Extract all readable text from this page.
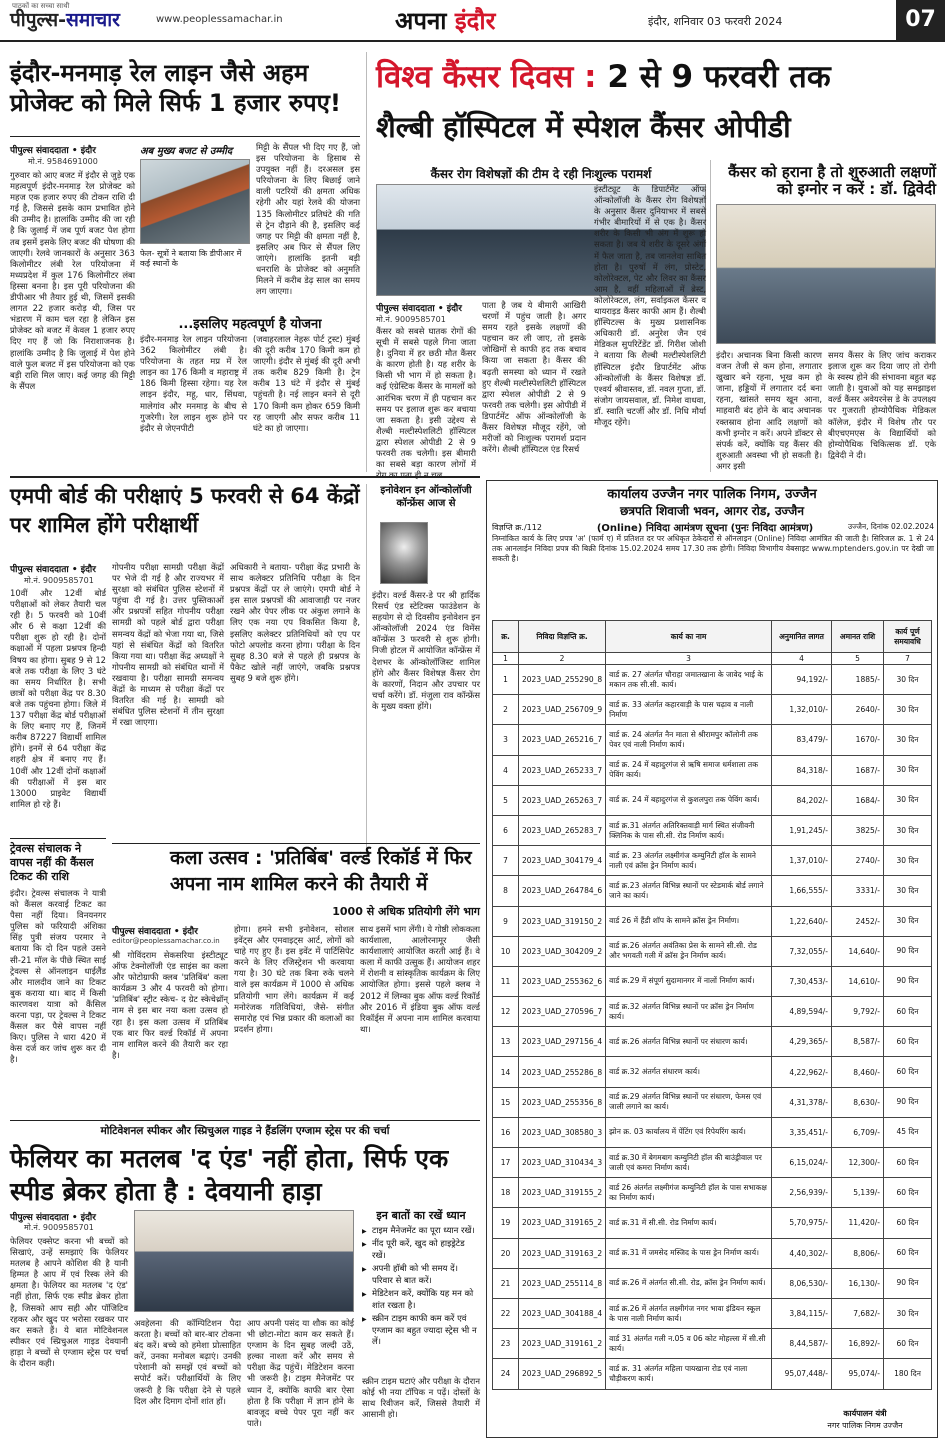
पाठकों का सच्चा साथी
पीपुल्स-समाचार	www.peoplessamachar.in	अपना इंदौर	इंदौर, शनिवार 03 फरवरी 2024	07
इंदौर-मनमाड़ रेल लाइन जैसे अहम प्रोजेक्ट को मिले सिर्फ 1 हजार रुपए!
पीपुल्स संवाददाता • इंदौर
मो.नं. 9584691000
अब मुख्य बजट से उम्मीद
फेल- सूत्रों ने बताया कि डीपीआर में कई स्थानों के
गुरुवार को आए बजट में इंदौर से जुड़े एक महत्वपूर्ण इंदौर-मनमाड़ रेल प्रोजेक्ट को महज एक हजार रुपए की टोकन राशि दी गई है, जिससे इसके काम प्रभावित होने की उम्मीद है। हालांकि उम्मीद की जा रही है कि जुलाई में जब पूर्ण बजट पेश होगा तब इसमें इसके लिए बजट की घोषणा की जाएगी। रेलवे जानकारों के अनुसार 363 किलोमीटर लंबी रेल परियोजना में मध्यप्रदेश में कुल 176 किलोमीटर लंबा हिस्सा बनना है। इस पूरी परियोजना की डीपीआर भी तैयार हुई थी, जिसमें इसकी लागत 22 हजार करोड़ थी, जिस पर भंडारण में काम चल रहा है लेकिन इस प्रोजेक्ट को बजट में केवल 1 हजार रुपए दिए गए हैं जो कि निराशाजनक है। हालांकि उम्मीद है कि जुलाई में पेश होने वाले फुल बजट में इस परियोजना को एक बड़ी राशि मिल जाए। कई जगह की मिट्टी के सैंपल
मिट्टी के सैंपल भी दिए गए हैं, जो इस परियोजना के हिसाब से उपयुक्त नहीं हैं। दरअसल इस परियोजना के लिए बिछाई जाने वाली पटरियों की क्षमता अधिक रहेगी और यहां रेलवे की योजना 135 किलोमीटर प्रतिघंटे की गति से ट्रेन दौड़ाने की है, इसलिए कई जगह पर मिट्टी की क्षमता नहीं है, इसलिए अब फिर से सैंपल लिए जाएंगे। हालांकि इतनी बड़ी धनराशि के प्रोजेक्ट को अनुमति मिलने में करीब डेढ़ साल का समय लग जाएगा।
...इसलिए महत्वपूर्ण है योजना
इंदौर-मनमाड़ रेल लाइन परियोजना 362 किलोमीटर लंबी है। परियोजना के तहत मप्र में रेल लाइन का 176 किमी व महाराष्ट्र में 186 किमी हिस्सा रहेगा। यह रेल लाइन इंदौर, महू, धार, सिंधवा, मालेगांव और मनमाड़ के बीच से गुजरेगी। रेल लाइन शुरू होने पर इंदौर से जेएनपीटी
(जवाहरलाल नेहरू पोर्ट ट्रस्ट) मुंबई की दूरी करीब 170 किमी कम हो जाएगी। इंदौर से मुंबई की दूरी अभी तक करीब 829 किमी है। ट्रेन करीब 13 घंटे में इंदौर से मुंबई पहुंचती है। नई लाइन बनने से दूरी 170 किमी कम होकर 659 किमी रह जाएगी और सफर करीब 11 घंटे का हो जाएगा।
विश्व कैंसर दिवस : 2 से 9 फरवरी तक
शैल्बी हॉस्पिटल में स्पेशल कैंसर ओपीडी
कैंसर रोग विशेषज्ञों की टीम दे रही निःशुल्क परामर्श
पीपुल्स संवाददाता • इंदौर
मो.नं. 9009585701
कैंसर को सबसे घातक रोगों की सूची में सबसे पहले गिना जाता है। दुनिया में हर छठी मौत कैंसर के कारण होती है। यह शरीर के किसी भी भाग में हो सकता है। कई एंग्रेस्टिक कैंसर के मामलों को आरंभिक चरण में ही पहचान कर समय पर इलाज शुरू कर बचाया जा सकता है। इसी उद्देश्य से शैल्बी मल्टीस्पेशलिटी हॉस्पिटल द्वारा स्पेशल ओपीडी 2 से 9 फरवरी तक चलेगी। इस बीमारी का सबसे बड़ा कारण लोगों में
पाता है जब ये बीमारी आखिरी चरणों में पहुंच जाती है। अगर समय रहते इसके लक्षणों की पहचान कर ली जाए, तो इसके जोखिमों से काफी हद तक बचाव किया जा सकता है। कैंसर की बढ़ती समस्या को ध्यान में रखते हुए शैल्बी मल्टीस्पेशलिटी हॉस्पिटल द्वारा स्पेशल ओपीडी 2 से 9 फरवरी तक चलेगी। इस ओपीडी में डिपार्टमेंट ऑफ ऑन्कोलॉजी के कैंसर विशेषज्ञ मौजूद रहेंगे, जो मरीजों को निःशुल्क परामर्श प्रदान करेंगे। शैल्बी हॉस्पिटल एंड रिसर्च
इंस्टीट्यूट के डिपार्टमेंट ऑफ ऑन्कोलॉजी के कैंसर रोग विशेषज्ञों के अनुसार कैंसर दुनियाभर में सबसे गंभीर बीमारियों में से एक है। कैंसर शरीर के किसी भी अंग में शुरू हो सकता है। जब ये शरीर के दूसरे अंगों में फैल जाता है, तब जानलेवा साबित होता है। पुरुषों में लंग, प्रोस्टेट, कोलोरेक्टल, पेट और लिवर का कैंसर आम है, वहीं महिलाओं में ब्रेस्ट, कोलोरेक्टल, लंग, सर्वाइकल कैंसर व थायराइड कैंसर काफी आम हैं। शैल्बी हॉस्पिटल्स के मुख्य प्रशासनिक अधिकारी डॉ. अनुरेश जैन एवं मेडिकल सुपरिटेंडेंट डॉ. गिरीश जोशी ने बताया कि शैल्बी मल्टीस्पेशलिटी हॉस्पिटल इंदौर डिपार्टमेंट ऑफ ऑन्कोलॉजी के कैंसर विशेषज्ञ डॉ. एश्वर्य श्रीवास्तव, डॉ. नवल गुप्ता, डॉ. संजोग जायसवाल, डॉ. निमेश वाधवा, डॉ. स्वाति चटर्जी और डॉ. निधि मौर्या मौजूद रहेंगे।
कैंसर को हराना है तो शुरुआती लक्षणों को इग्नोर न करें : डॉ. द्विवेदी
इंदौर। अचानक बिना किसी कारण वजन तेजी से कम होना, लगातार खुखार बने रहना, भूख कम हो जाना, हड्डियों में लगातार दर्द बना रहना, खांसते समय खून आना, माहवारी बंद होने के बाद अचानक रक्तस्राव होना आदि लक्षणों को कभी इग्नोर न करें। अपने डॉक्टर से संपर्क करें, क्योंकि यह कैंसर की शुरुआती अवस्था भी हो सकती है। अगर इसी
समय कैंसर के लिए जांच कराकर इलाज शुरू कर दिया जाए तो रोगी के स्वस्थ होने की संभावना बहुत बढ़ जाती है। युवाओं को यह समझाइश वर्ल्ड कैंसर अवेयरनेस डे के उपलक्ष्य पर गुजराती होम्योपैथिक मेडिकल कॉलेज, इंदौर में विशेष तौर पर बीएचएमएस के विद्यार्थियों को होम्योपैथिक चिकित्सक डॉ. एके द्विवेदी ने दी।
एमपी बोर्ड की परीक्षाएं 5 फरवरी से 64 केंद्रों पर शामिल होंगे परीक्षार्थी
पीपुल्स संवाददाता • इंदौर
मो.नं. 9009585701
10वीं और 12वीं बोर्ड परीक्षाओं को लेकर तैयारी चल रही है। 5 फरवरी को 10वीं और 6 से कक्षा 12वीं की परीक्षा शुरू हो रही है। दोनों कक्षाओं में पहला प्रश्नपत्र हिन्दी विषय का होगा। सुबह 9 से 12 बजे तक परीक्षा के लिए 3 घंटे का समय निर्धारित है। सभी छात्रों को परीक्षा केंद्र पर 8.30 बजे तक पहुंचना होगा। जिले में 137 परीक्षा केंद्र बोर्ड परीक्षाओं के लिए बनाए गए हैं, जिनमें करीब 87227 विद्यार्थी शामिल होंगे। इनमें से 64 परीक्षा केंद्र शहरी क्षेत्र में बनाए गए हैं। 10वीं और 12वीं दोनों कक्षाओं की परीक्षाओं में इस बार 13000 प्राइवेट विद्यार्थी शामिल हो रहे हैं।
गोपनीय परीक्षा सामग्री परीक्षा केंद्रों पर भेजे दी गई है और राज्यभर में सुरक्षा को संबंधित पुलिस स्टेशनों में पहुंचा दी गई है। उत्तर पुस्तिकाओं और प्रश्नपत्रों सहित गोपनीय परीक्षा सामग्री को पहले बोर्ड द्वारा परीक्षा समन्वय केंद्रों को भेजा गया था, जिसे यहां से संबंधित केंद्रों को वितरित किया गया था। परीक्षा केंद्र अध्यक्षों ने गोपनीय सामग्री को संबंधित थानों में रखवाया है। परीक्षा सामग्री समन्वय केंद्रों के माध्यम से परीक्षा केंद्रों पर वितरित की गई है। सामग्री को संबंधित पुलिस स्टेशनों में तीन सुरक्षा में रखा जाएगा।
अधिकारी ने बताया- परीक्षा केंद्र प्रभारी के साथ कलेक्टर प्रतिनिधि परीक्षा के दिन प्रश्नपत्र केंद्रों पर ले जाएंगे। एमपी बोर्ड ने इस साल प्रश्नपत्रों की आवाजाही पर नजर रखने और पेपर लीक पर अंकुश लगाने के लिए एक नया एप विकसित किया है, इसलिए कलेक्टर प्रतिनिधियों को एप पर फोटो अपलोड करना होगा। परीक्षा के दिन सुबह 8.30 बजे से पहले ही प्रश्नपत्र के पैकेट खोले नहीं जाएंगे, जबकि प्रश्नपत्र सुबह 9 बजे शुरू होंगे।
ट्रेवल्स संचालक ने वापस नहीं की कैंसल टिकट की राशि
इंदौर। ट्रेवल्स संचालक ने यात्री को कैंसल करवाई टिकट का पैसा नहीं दिया। विनयनगर पुलिस को फरियादी अंशिका सिंह पुत्री संजय परमार ने बताया कि दो दिन पहले उसने सी-21 मॉल के पीछे स्थित साई ट्रेवल्स से ऑनलाइन धाईलैंड और मालदीव जाने का टिकट बुक कराया था। बाद में किसी कारणवश यात्रा को कैंसिल करना पड़ा, पर ट्रेवल्स ने टिकट कैंसल कर पैसे वापस नहीं किए। पुलिस ने धारा 420 में केस दर्ज कर जांच शुरू कर दी है।
इनोवेशन इन ऑन्कोलॉजी कॉन्फ्रेंस आज से
इंदौर। वर्ल्ड कैंसर-डे पर श्री हार्दिक रिसर्च एंड स्टेटिक्स फाउंडेशन के सहयोग से दो दिवसीय इनोवेशन इन ऑन्कोलॉजी 2024 एंड विमेंस कॉन्फ्रेंस 3 फरवरी से शुरू होगी। निजी होटल में आयोजित कॉन्फ्रेंस में देशभर के ऑन्कोलॉजिस्ट शामिल होंगे और कैंसर विशेषज्ञ कैंसर रोग के कारणों, निदान और उपचार पर चर्चा करेंगे। डॉ. मंजुला राव कॉन्फ्रेंस के मुख्य वक्ता होंगे।
कला उत्सव : 'प्रतिबिंब' वर्ल्ड रिकॉर्ड में फिर अपना नाम शामिल करने की तैयारी में
1000 से अधिक प्रतियोगी लेंगे भाग
पीपुल्स संवाददाता • इंदौर
editor@peoplessamachar.co.in
श्री गोविंदराम सेकसरिया इंस्टीट्यूट ऑफ टेक्नोलॉजी एंड साइंस का कला और फोटोग्राफी क्लब 'प्रतिबिंब' कला कार्यक्रम 3 और 4 फरवरी को होगा। 'प्रतिबिंब' स्ट्रीट स्केच- द ग्रेट स्केचेथ्रॉन् नाम से इस बार नया कला उत्सव हो रहा है। इस कला उत्सव में प्रतिबिंब एक बार फिर वर्ल्ड रिकॉर्ड में अपना नाम शामिल करने की तैयारी कर रहा है।
होगा। हमने सभी इनोवेशन, सोशल इवेंट्स और एमवाइट्स आर्ट, लोगों को चाहे गए हुए हैं। इस इवेंट में पार्टिसिपेट करने के लिए रजिस्ट्रेशन भी करवाया गया है। 30 घंटे तक बिना रुके चलने वाले इस कार्यक्रम में 1000 से अधिक प्रतियोगी भाग लेंगे। कार्यक्रम में कई मनोरंजक गतिविधियां, जैसे- संगीत समारोह एवं भिन्न प्रकार की कलाओं का प्रदर्शन होगा।
साथ इसमें भाग लेंगी। ये गोष्ठी लोककला कार्यशाला, आलोरनामूर जैसी कार्यशालाएं आयोजित करती आई हैं। वे कला में काफी उत्सुक हैं। आयोजन शहर में रोशनी व सांस्कृतिक कार्यक्रम के लिए आयोजित होगा। इससे पहले क्लब ने 2012 में लिम्का बुक ऑफ वर्ल्ड रिकॉर्ड और 2016 में इंडिया बुक ऑफ वर्ल्ड रिकॉर्ड्स में अपना नाम शामिल करवाया था।
मोटिवेशनल स्पीकर और स्प्रिचुअल गाइड ने हैंडलिंग एग्जाम स्ट्रेस पर की चर्चा
फेलियर का मतलब 'द एंड' नहीं होता, सिर्फ एक स्पीड ब्रेकर होता है : देवयानी हाड़ा
पीपुल्स संवाददाता • इंदौर
मो.नं. 9009585701
फेलियर एक्सेप्ट करना भी बच्चों को सिखाएं, उन्हें समझाएं कि फेलियर मतलब है आपने कोशिश की है यानी हिम्मत है आप में एवं रिस्क लेने की क्षमता है। फेलियर का मतलब 'द एंड' नहीं होता, सिर्फ एक स्पीड ब्रेकर होता है, जिसको आप सही और पॉजिटिव रहकर और खुद पर भरोसा रखकर पार कर सकते हैं। ये बात मोटिवेशनल स्पीकर एवं स्प्रिचुअल गाइड देवयानी हाड़ा ने बच्चों से एग्जाम स्ट्रेस पर चर्चा के दौरान कही।
अवहेलना की कॉम्पिटिशन पैदा करता है। बच्चों को बार-बार टोकना बंद करें। बच्चे को हमेशा प्रोत्साहित करें, उनका मनोबल बढ़ाएं। उनकी परेशानी को समझें एवं बच्चों को सपोर्ट करें। परीक्षार्थियों के लिए जरूरी है कि परीक्षा देने से पहले दिल और दिमाग दोनों शांत हों।
आप अपनी पसंद या शौक का कोई भी छोटा-मोटा काम कर सकते हैं। एग्जाम के दिन सुबह जल्दी उठें, हल्का नाश्ता करें और समय से परीक्षा केंद्र पहुंचें। मेडिटेशन करना भी जरूरी है। टाइम मैनेजमेंट पर ध्यान दें, क्योंकि काफी बार ऐसा होता है कि परीक्षा में ज्ञान होने के बावजूद बच्चे पेपर पूरा नहीं कर पाते।
इन बातों का रखें ध्यान
▶ टाइम मैनेजमेंट का पूरा ध्यान रखें।
▶ नींद पूरी करें, खुद को हाइड्रेटेड रखें।
▶ अपनी हॉबी को भी समय दें। परिवार से बात करें।
▶ मेडिटेशन करें, क्योंकि यह मन को शांत रखता है।
▶ स्क्रीन टाइम काफी कम करें एवं एग्जाम का बहुत ज्यादा स्ट्रेस भी न लें।
स्क्रीन टाइम घटाएं और परीक्षा के दौरान कोई भी नया टॉपिक न पढ़ें। दोस्तों के साथ रिवीजन करें, जिससे तैयारी में आसानी हो।
कार्यालय उज्जैन नगर पालिक निगम, उज्जैन
छत्रपति शिवाजी भवन, आगर रोड, उज्जैन
विज्ञप्ति क्र./112	(Online) निविदा आमंत्रण सूचना (पुनः निविदा आमंत्रण)	उज्जैन, दिनांक 02.02.2024
निम्नांकित कार्य के लिए प्रपत्र 'अ' (फार्म ए) में प्रतिशत दर पर अधिकृत ठेकेदारों से ऑनलाइन (Online) निविदा आमंत्रित की जाती है। सिरिजल क्र. 1 से 24 तक आनलाईन निविदा प्रपत्र की बिक्री दिनांक 15.02.2024 समय 17.30 तक होगी। निविदा विभागीय वेबसाइट www.mptenders.gov.in पर देखी जा सकती है।
क्र.	निविदा विज्ञप्ति क्र.	कार्य का नाम	अनुमानित लागत	अमानत राशि	कार्य पूर्ण समयावधि
1	2	3	4	5	7
1	2023_UAD_255290_8	वार्ड क्र. 27 अंतर्गत चौराहा जमातखाना के जावेद भाई के मकान तक सी.सी. कार्य।	94,192/-	1885/-	30 दिन
2	2023_UAD_256709_9	वार्ड क्र. 33 अंतर्गत कहारवाड़ी के पास चढ़ाव व नाली निर्माण	1,32,010/-	2640/-	30 दिन
3	2023_UAD_265216_7	वार्ड क्र. 24 अंतर्गत नैन माता से श्रीरामपुर कॉलोनी तक पेवर एवं नाली निर्माण कार्य।	83,479/-	1670/-	30 दिन
4	2023_UAD_265233_7	वार्ड क्र. 24 में बहादुरगंज से ऋषि समाज धर्मशाला तक पेविंग कार्य।	84,318/-	1687/-	30 दिन
5	2023_UAD_265263_7	वार्ड क्र. 24 में बहादुरगंज से कुशलपुरा तक पेविंग कार्य।	84,202/-	1684/-	30 दिन
6	2023_UAD_265283_7	वार्ड क्र.31 अंतर्गत अतिरिक्तवाड़ी मार्ग स्थित संजीवनी क्लिनिक के पास सी.सी. रोड निर्माण कार्य।	1,91,245/-	3825/-	30 दिन
7	2023_UAD_304179_4	वार्ड क्र. 23 अंतर्गत लक्ष्मीगंज कम्युनिटी हॉल के सामने नाली एवं क्रॉस ड्रेन निर्माण कार्य।	1,37,010/-	2740/-	30 दिन
8	2023_UAD_264784_6	वार्ड क्र.23 अंतर्गत विभिन्न स्थानों पर स्टेडमार्क बोर्ड लगाने जाने का कार्य।	1,66,555/-	3331/-	30 दिन
9	2023_UAD_319150_2	वार्ड 26 में हैंडी शॉप के सामने क्रॉस ड्रेन निर्माण।	1,22,640/-	2452/-	30 दिन
10	2023_UAD_304209_2	वार्ड क्र.26 अंतर्गत अवंतिका प्रेस के सामने सी.सी. रोड और भगवती गली में क्रॉस ड्रेन निर्माण कार्य।	7,32,055/-	14,640/-	90 दिन
11	2023_UAD_255362_6	वार्ड क्र.29 में संपूर्ण सुदामानगर में नालों निर्माण कार्य।	7,30,453/-	14,610/-	90 दिन
12	2023_UAD_270596_7	वार्ड क्र.32 अंतर्गत विभिन्न स्थानों पर क्रॉस ड्रेन निर्माण कार्य।	4,89,594/-	9,792/-	60 दिन
13	2023_UAD_297156_4	वार्ड क्र.26 अंतर्गत विभिन्न स्थानों पर संधारण कार्य।	4,29,365/-	8,587/-	60 दिन
14	2023_UAD_255286_8	वार्ड क्र.32 अंतर्गत संधारण कार्य।	4,22,962/-	8,460/-	60 दिन
15	2023_UAD_255356_8	वार्ड क्र.29 अंतर्गत विभिन्न स्थानों पर संधारण, फेमस एवं जाली लगाने का कार्य।	4,31,378/-	8,630/-	90 दिन
16	2023_UAD_308580_3	झोन क्र. 03 कार्यालय में पेंटिंग एवं रिपेयरिंग कार्य।	3,35,451/-	6,709/-	45 दिन
17	2023_UAD_310434_3	वार्ड क्र.30 में बेगमबाग कम्युनिटी हॉल की बाउंड्रीवाल पर जाली एवं कमरा निर्माण कार्य।	6,15,024/-	12,300/-	60 दिन
18	2023_UAD_319155_2	वार्ड 26 अंतर्गत लक्ष्मीगंज कम्युनिटी हॉल के पास सभाकक्ष का निर्माण कार्य।	2,56,939/-	5,139/-	60 दिन
19	2023_UAD_319165_2	वार्ड क्र.31 में सी.सी. रोड निर्माण कार्य।	5,70,975/-	11,420/-	60 दिन
20	2023_UAD_319163_2	वार्ड क्र.31 में जमसेद मस्जिद के पास ड्रेन निर्माण कार्य।	4,40,302/-	8,806/-	60 दिन
21	2023_UAD_255114_8	वार्ड क्र.26 में अंतर्गत सी.सी. रोड, क्रॉस ड्रेन निर्माण कार्य।	8,06,530/-	16,130/-	90 दिन
22	2023_UAD_304188_4	वार्ड क्र.26 में अंतर्गत लक्ष्मीगंज नगर भावा इंडियन स्कूल के पास नाली निर्माण कार्य।	3,84,115/-	7,682/-	30 दिन
23	2023_UAD_319161_2	वार्ड 31 अंतर्गत गली न.05 व 06 कोट मोहल्ला में सी.सी कार्य।	8,44,587/-	16,892/-	60 दिन
24	2023_UAD_296892_5	वार्ड क्र. 31 अंतर्गत महिला पायखाना रोड एवं नाला चौड़ीकरण कार्य।	95,07,448/-	95,074/-	180 दिन
कार्यपालन यंत्री
नगर पालिक निगम उज्जैन
